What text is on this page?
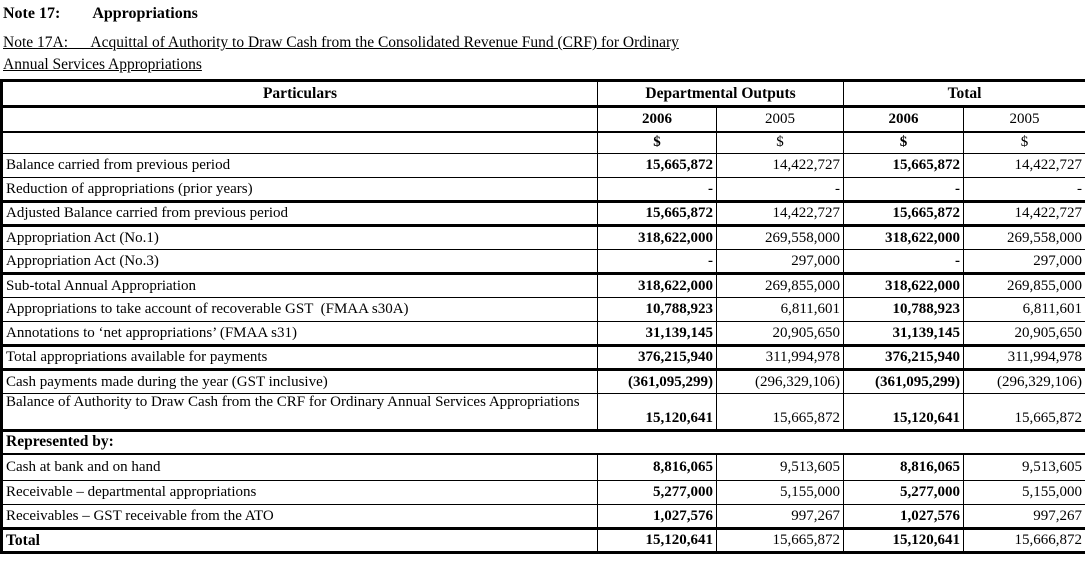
Note 17: Appropriations
Note 17A:      Acquittal of Authority to Draw Cash from the Consolidated Revenue Fund (CRF) for Ordinary
Annual Services Appropriations
Particulars	Departmental Outputs		Total	
	2006	2005	2006	2005
	$	$	$	$
Balance carried from previous period	15,665,872	14,422,727	15,665,872	14,422,727
Reduction of appropriations (prior years)	-	-	-	-
Adjusted Balance carried from previous period	15,665,872	14,422,727	15,665,872	14,422,727
Appropriation Act (No.1)	318,622,000	269,558,000	318,622,000	269,558,000
Appropriation Act (No.3)	-	297,000	-	297,000
Sub-total Annual Appropriation	318,622,000	269,855,000	318,622,000	269,855,000
Appropriations to take account of recoverable GST  (FMAA s30A)	10,788,923	6,811,601	10,788,923	6,811,601
Annotations to ‘net appropriations’ (FMAA s31)	31,139,145	20,905,650	31,139,145	20,905,650
Total appropriations available for payments	376,215,940	311,994,978	376,215,940	311,994,978
Cash payments made during the year (GST inclusive)	(361,095,299)	(296,329,106)	(361,095,299)	(296,329,106)
Balance of Authority to Draw Cash from the CRF for Ordinary Annual Services Appropriations	15,120,641	15,665,872	15,120,641	15,665,872
Represented by:				
Cash at bank and on hand	8,816,065	9,513,605	8,816,065	9,513,605
Receivable – departmental appropriations	5,277,000	5,155,000	5,277,000	5,155,000
Receivables – GST receivable from the ATO	1,027,576	997,267	1,027,576	997,267
Total	15,120,641	15,665,872	15,120,641	15,666,872
